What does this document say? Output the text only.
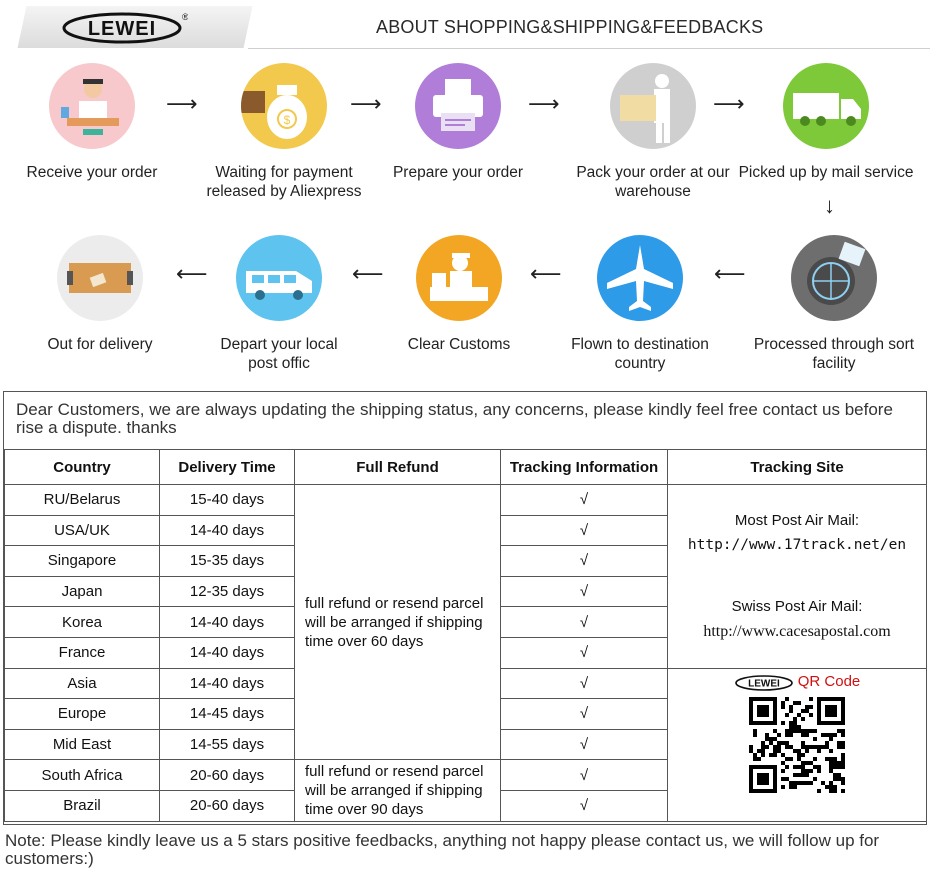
LEWEI
®	ABOUT SHOPPING&SHIPPING&FEEDBACKS
Receive your order
⟶
$
Waiting for payment released by Aliexpress
⟶
Prepare your order
⟶
Pack your order at our warehouse
⟶
Picked up by mail service
↓
Processed through sort facility
⟵
Flown to destination country
⟵
Clear Customs
⟵
Depart your local post offic
⟵
Out for delivery
Dear Customers, we are always updating the shipping status, any concerns, please kindly feel free contact us before rise a dispute. thanks
Country	Delivery Time	Full Refund	Tracking Information	Tracking Site
RU/Belarus	15-40 days	full refund or resend parcel will be arranged if shipping time over 60 days	√	Most Post Air Mail:
http://www.17track.net/en
Swiss Post Air Mail:
http://www.cacesapostal.com

USA/UK	14-40 days		√	
Singapore	15-35 days		√	
Japan	12-35 days		√	
Korea	14-40 days		√	
France	14-40 days		√	
Asia	14-40 days		√	LEWEI QR Code

Europe	14-45 days		√	
Mid East	14-55 days		√	
South Africa	20-60 days	full refund or resend parcel will be arranged if shipping time over 90 days	√	
Brazil	20-60 days		√	
Note: Please kindly leave us a 5 stars positive feedbacks, anything not happy please contact us, we will follow up for customers:)
